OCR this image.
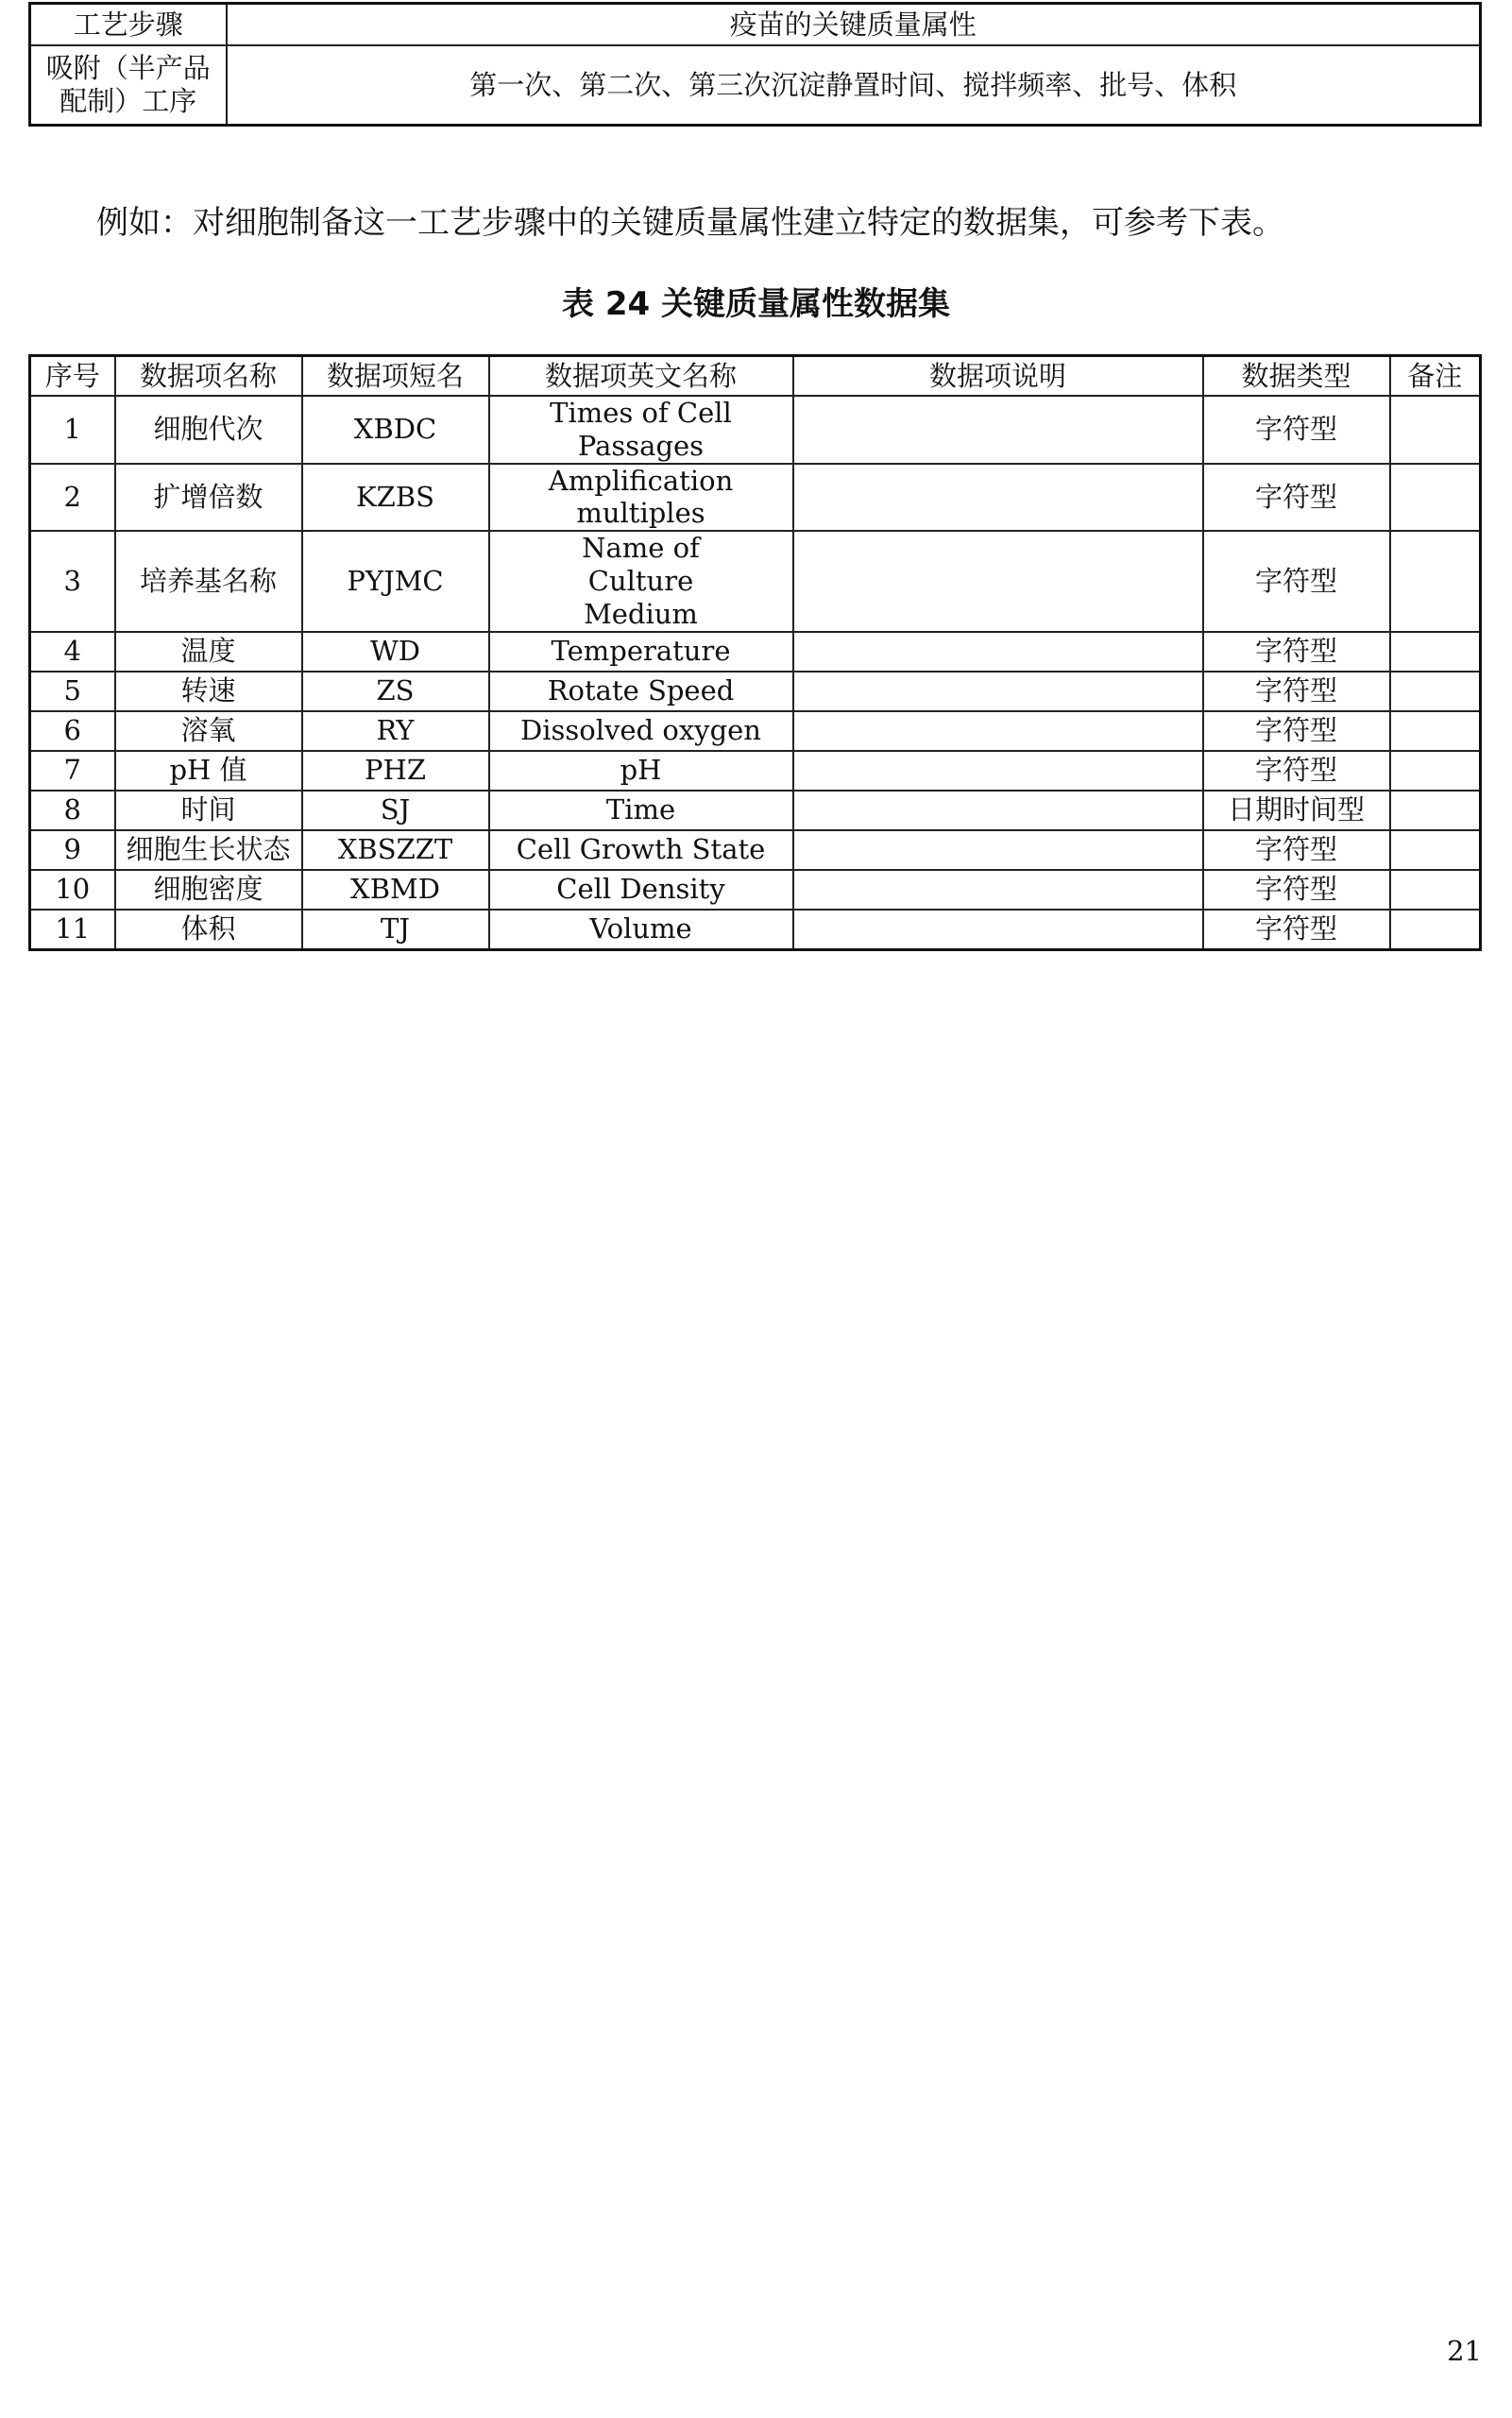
工艺步骤	疫苗的关键质量属性
吸附（半产品配制）工序	第一次、第二次、第三次沉淀静置时间、搅拌频率、批号、体积

例如：对细胞制备这一工艺步骤中的关键质量属性建立特定的数据集，可参考下表。

表 24 关键质量属性数据集

序号	数据项名称	数据项短名	数据项英文名称	数据项说明	数据类型	备注
1	细胞代次	XBDC	Times of Cell Passages		字符型	
2	扩增倍数	KZBS	Amplification multiples		字符型	
3	培养基名称	PYJMC	Name of Culture Medium		字符型	
4	温度	WD	Temperature		字符型	
5	转速	ZS	Rotate Speed		字符型	
6	溶氧	RY	Dissolved oxygen		字符型	
7	pH 值	PHZ	pH		字符型	
8	时间	SJ	Time		日期时间型	
9	细胞生长状态	XBSZZT	Cell Growth State		字符型	
10	细胞密度	XBMD	Cell Density		字符型	
11	体积	TJ	Volume		字符型	
21
